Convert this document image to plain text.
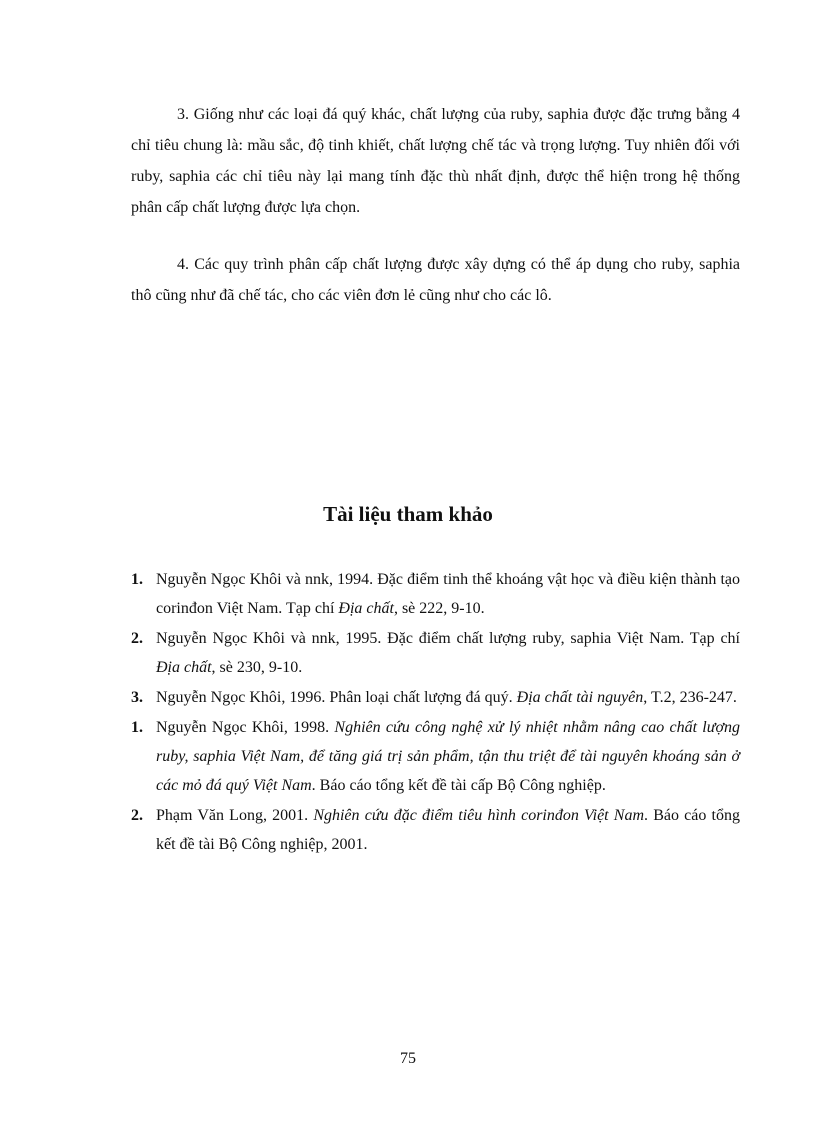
3. Giống như các loại đá quý khác, chất lượng của ruby, saphia được đặc trưng bằng 4 chỉ tiêu chung là: mầu sắc, độ tinh khiết, chất lượng chế tác và trọng lượng. Tuy nhiên đối với ruby, saphia các chỉ tiêu này lại mang tính đặc thù nhất định, được thể hiện trong hệ thống phân cấp chất lượng được lựa chọn.

4. Các quy trình phân cấp chất lượng được xây dựng có thể áp dụng cho ruby, saphia thô cũng như đã chế tác, cho các viên đơn lẻ cũng như cho các lô.

Tài liệu tham khảo
1. Nguyễn Ngọc Khôi và nnk, 1994. Đặc điểm tinh thể khoáng vật học và điều kiện thành tạo corinđon Việt Nam. Tạp chí Địa chất, sè 222, 9-10.
2. Nguyễn Ngọc Khôi và nnk, 1995. Đặc điểm chất lượng ruby, saphia Việt Nam. Tạp chí Địa chất, sè 230, 9-10.
3. Nguyễn Ngọc Khôi, 1996. Phân loại chất lượng đá quý. Địa chất tài nguyên, T.2, 236-247.
1. Nguyễn Ngọc Khôi, 1998. Nghiên cứu công nghệ xử lý nhiệt nhằm nâng cao chất lượng ruby, saphia Việt Nam, để tăng giá trị sản phẩm, tận thu triệt để tài nguyên khoáng sản ở các mỏ đá quý Việt Nam. Báo cáo tổng kết đề tài cấp Bộ Công nghiệp.
2. Phạm Văn Long, 2001. Nghiên cứu đặc điểm tiêu hình corinđon Việt Nam. Báo cáo tổng kết đề tài Bộ Công nghiệp, 2001.
75
